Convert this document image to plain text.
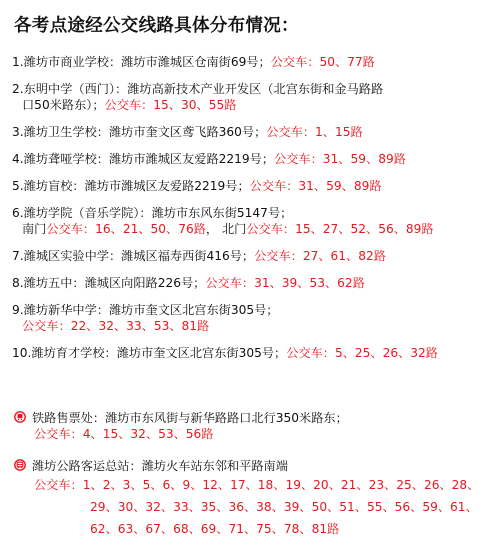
各考点途经公交线路具体分布情况：
1.潍坊市商业学校：潍坊市潍城区仓南街69号；公交车：50、77路
2.东明中学（西门）：潍坊高新技术产业开发区（北宫东街和金马路路
口50米路东）；公交车：15、30、55路
3.潍坊卫生学校：潍坊市奎文区鸢飞路360号；公交车：1、15路
4.潍坊聋哑学校：潍坊市潍城区友爱路2219号；公交车：31、59、89路
5.潍坊盲校：潍坊市潍城区友爱路2219号；公交车：31、59、89路
6.潍坊学院（音乐学院）：潍坊市东风东街5147号；
南门公交车：16、21、50、76路， 北门公交车：15、27、52、56、89路
7.潍城区实验中学：潍城区福寿西街416号；公交车：27、61、82路
8.潍坊五中：潍城区向阳路226号；公交车：31、39、53、62路
9.潍坊新华中学：潍坊市奎文区北宫东街305号；
公交车：22、32、33、53、81路
10.潍坊育才学校：潍坊市奎文区北宫东街305号；公交车：5、25、26、32路
铁路售票处：潍坊市东风街与新华路路口北行350米路东；
公交车：4、15、32、53、56路
潍坊公路客运总站：潍坊火车站东邻和平路南端
公交车：1、2、3、5、6、9、12、17、18、19、20、21、23、25、26、28、
29、30、32、33、35、36、38、39、50、51、55、56、59、61、
62、63、67、68、69、71、75、78、81路
